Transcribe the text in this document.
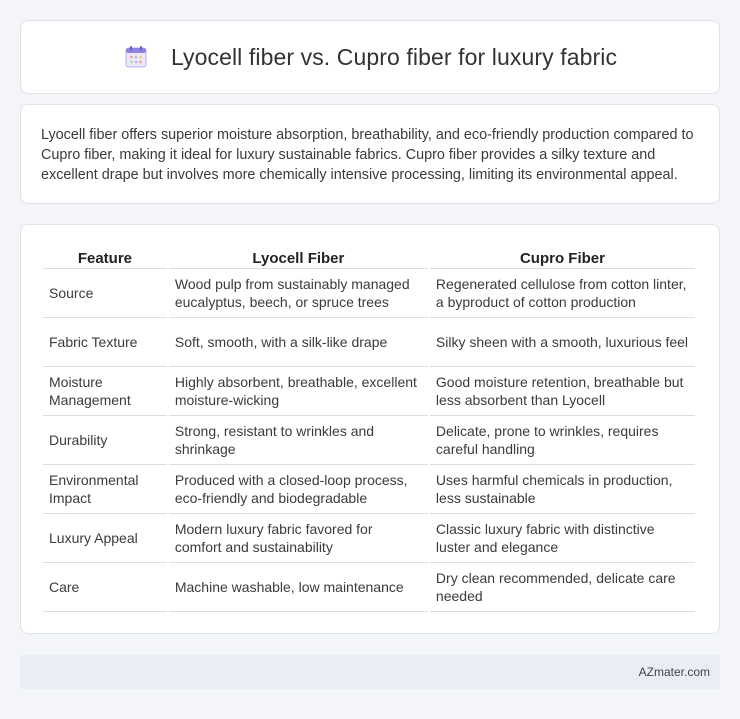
Lyocell fiber vs. Cupro fiber for luxury fabric

Lyocell fiber offers superior moisture absorption, breathability, and eco-friendly production compared to Cupro fiber, making it ideal for luxury sustainable fabrics. Cupro fiber provides a silky texture and excellent drape but involves more chemically intensive processing, limiting its environmental appeal.

Feature	Lyocell Fiber	Cupro Fiber
Source	Wood pulp from sustainably managed eucalyptus, beech, or spruce trees	Regenerated cellulose from cotton linter, a byproduct of cotton production
Fabric Texture	Soft, smooth, with a silk-like drape	Silky sheen with a smooth, luxurious feel
Moisture Management	Highly absorbent, breathable, excellent moisture-wicking	Good moisture retention, breathable but less absorbent than Lyocell
Durability	Strong, resistant to wrinkles and shrinkage	Delicate, prone to wrinkles, requires careful handling
Environmental Impact	Produced with a closed-loop process, eco-friendly and biodegradable	Uses harmful chemicals in production, less sustainable
Luxury Appeal	Modern luxury fabric favored for comfort and sustainability	Classic luxury fabric with distinctive luster and elegance
Care	Machine washable, low maintenance	Dry clean recommended, delicate care needed
AZmater.com
